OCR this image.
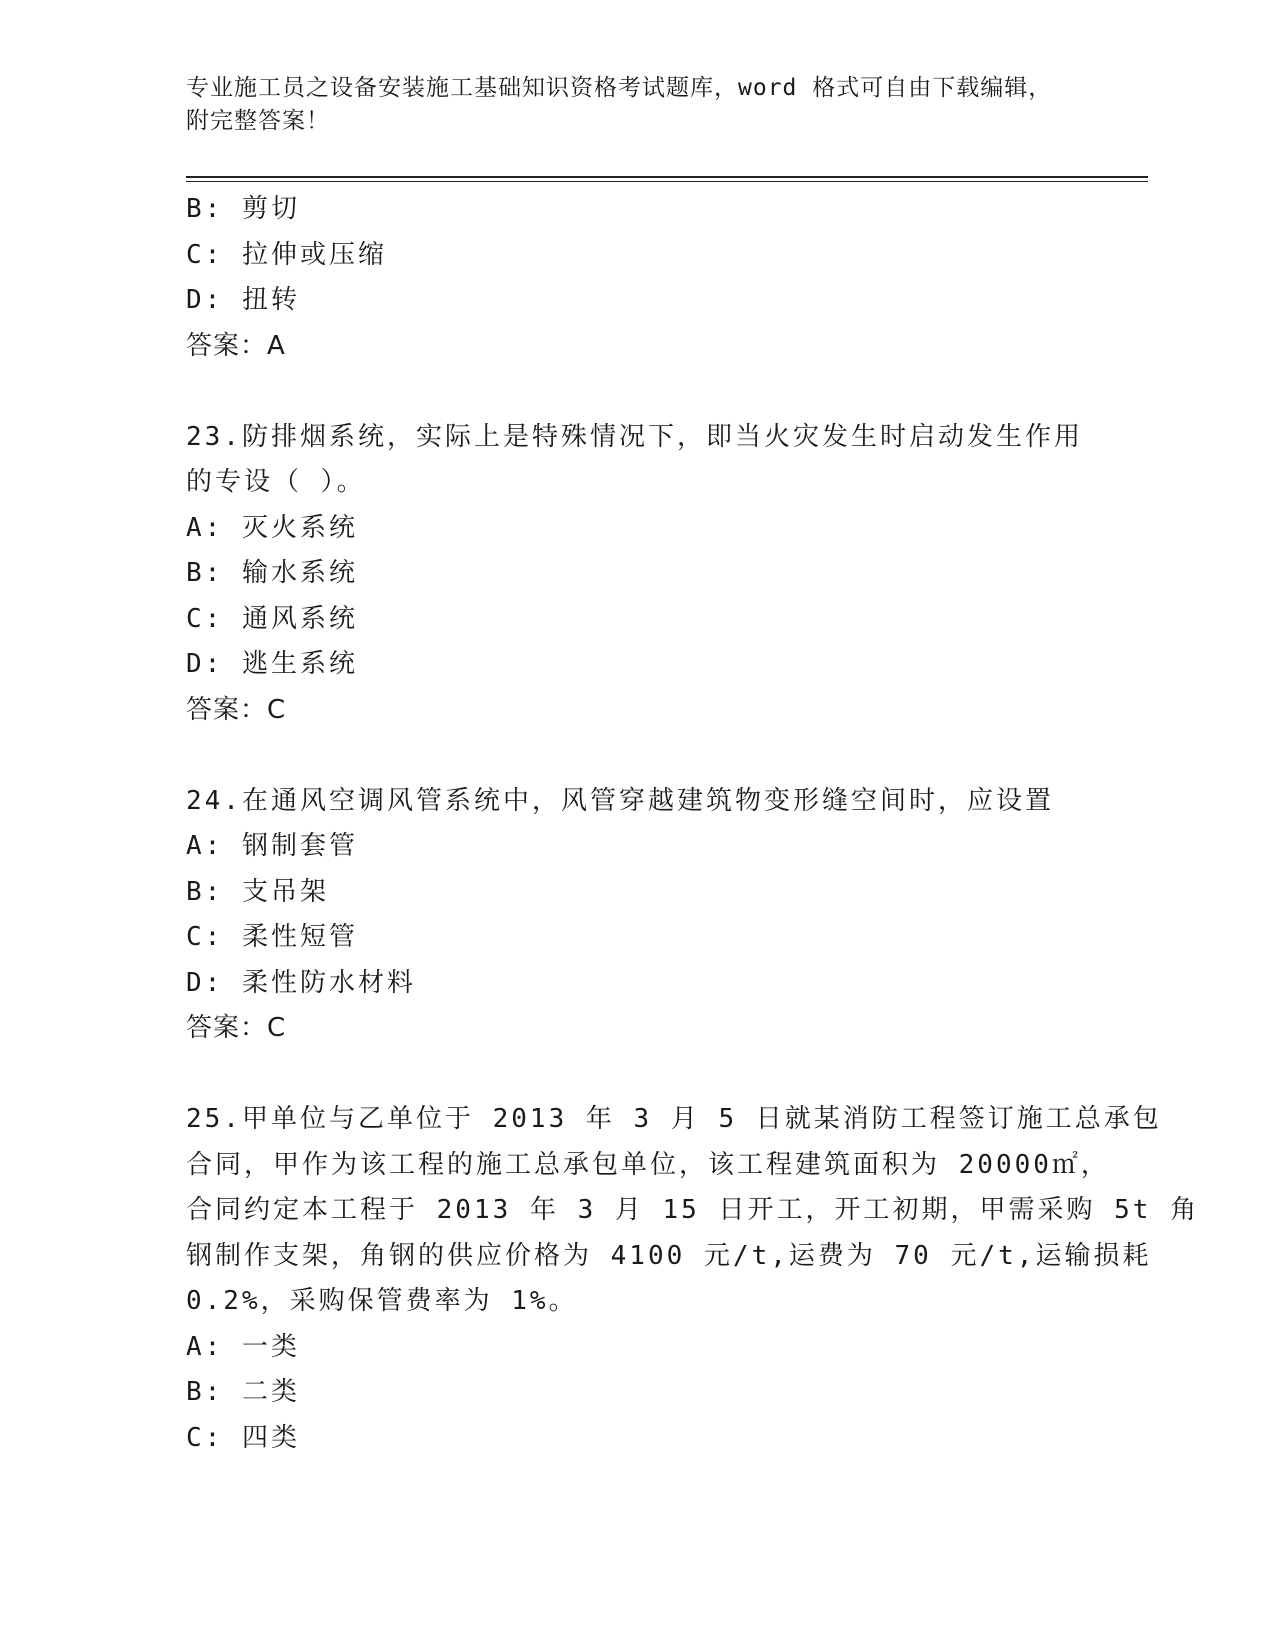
专业施工员之设备安装施工基础知识资格考试题库，word 格式可自由下载编辑，
附完整答案！
B: 剪切
C: 拉伸或压缩
D: 扭转
答案：A
23.防排烟系统，实际上是特殊情况下，即当火灾发生时启动发生作用
的专设（ ）。
A: 灭火系统
B: 输水系统
C: 通风系统
D: 逃生系统
答案：C
24.在通风空调风管系统中，风管穿越建筑物变形缝空间时，应设置
A: 钢制套管
B: 支吊架
C: 柔性短管
D: 柔性防水材料
答案：C
25.甲单位与乙单位于 2013 年 3 月 5 日就某消防工程签订施工总承包
合同，甲作为该工程的施工总承包单位，该工程建筑面积为 20000㎡，
合同约定本工程于 2013 年 3 月 15 日开工，开工初期，甲需采购 5t 角
钢制作支架，角钢的供应价格为 4100 元/t,运费为 70 元/t,运输损耗
0.2%，采购保管费率为 1%。
A: 一类
B: 二类
C: 四类
